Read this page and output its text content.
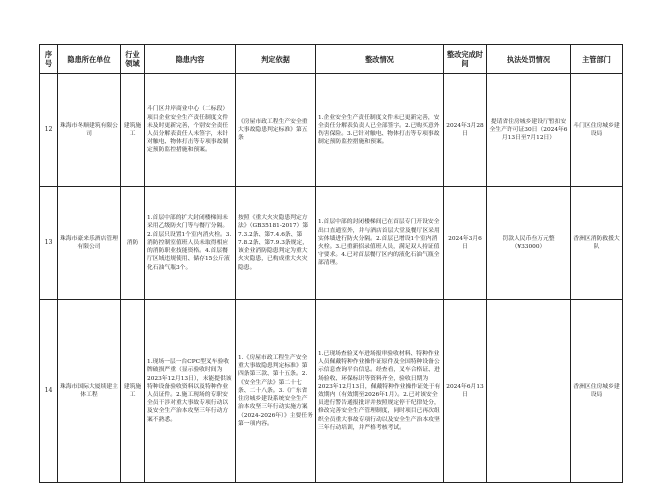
序号	隐患所在单位	行业领域	隐患内容	判定依据	整改情况	整改完成时间	执法处罚情况	主管部门
12	珠海市冬顺建筑有限公司	建筑施工	斗门区井岸商业中心（二标段）项目企业安全生产责任制度文件未及时更新完善，个别安全责任人员分解表责任人未签字，未针对触电、物体打击等专项事故制定预防监控措施和预案。	《房屋市政工程生产安全重大事故隐患判定标准》第五条	1.企业安全生产责任制度文件未已更新完善，安全责任分解表负责人已全部签字。2.已购买意外伤害保险。3.已针对触电、物体打击等专项事故制定预防监控措施和预案。	2024年3月28日	提请省住房城乡建设厅暂扣安全生产许可证30日（2024年6月13日至7月12日）	斗门区住房城乡建设局
13	珠海市豪来乐酒店管理有限公司	消防	1.首层中部的扩大封闭楼梯间未采用乙级防火门等与餐厅分隔。2.首层只设置1个室内消火栓。3.消防控制室值班人员未取得相应的消防职业技能资格。4.首层餐厅区域违规使用、储存15公斤液化石油气瓶3个。	按照《重大火灾隐患判定方法》（GB35181-2017）第7.3.2条、第7.4.6条、第7.8.2条、第7.9.3条规定，该企业消防隐患判定为重大火灾隐患，已构成重大火灾隐患。	1.首层中部的封闭楼梯间已在首层专门开设安全出口直通室外，并与酒店首层大堂及餐厅区采用实体墙进行防火分隔。2.首层已增设1个室内消火栓。3.已重新招录值班人员，满足双人持证值守要求。4.已对首层餐厅区内的液化石油气瓶全部清理。	2024年3月6日	罚款人民币叁万元整（¥33000）	香洲区消防救援大队
14	珠海市国际大厦续建主体工程	建筑施工	1.现场一层一台CPC型叉车验收牌破损严重（显示验收时间为2023年12月13日），未能提供该特种设备验收资料以及特种作业人员证件。2.施工现场的专职安全员干涉对重大事故专项行动以及安全生产治本攻坚三年行动方案不熟悉。	1.《房屋市政工程生产安全重大事故隐患判定标准》第四条第三款、第十五条。2.《安全生产法》第二十七条、二十八条。3.《广东省住房城乡建设系统安全生产治本攻坚三年行动实施方案（2024-2026年）》主要任务第一项内容。	1.已现场查验叉车进场报审验收材料、特种作业人员佩戴特种作业操作证原件及全国特种设备公示信息查询平台信息。经查看，叉车合格证、进场验收、环保标识等资料齐全，验收日期为2023年12月13日，佩戴特种作业操作证处于有效期内（有效期至2026年1月）。2.已对该安全员进行警告通报批评并按照规定停干纪律处分，修改完善安全生产管理制度，同时项目已再次组织全员重大事故专项行动以及安全生产治本攻坚三年行动培训，并严格考核考试。	2024年6月13日		香洲区住房城乡建设局
